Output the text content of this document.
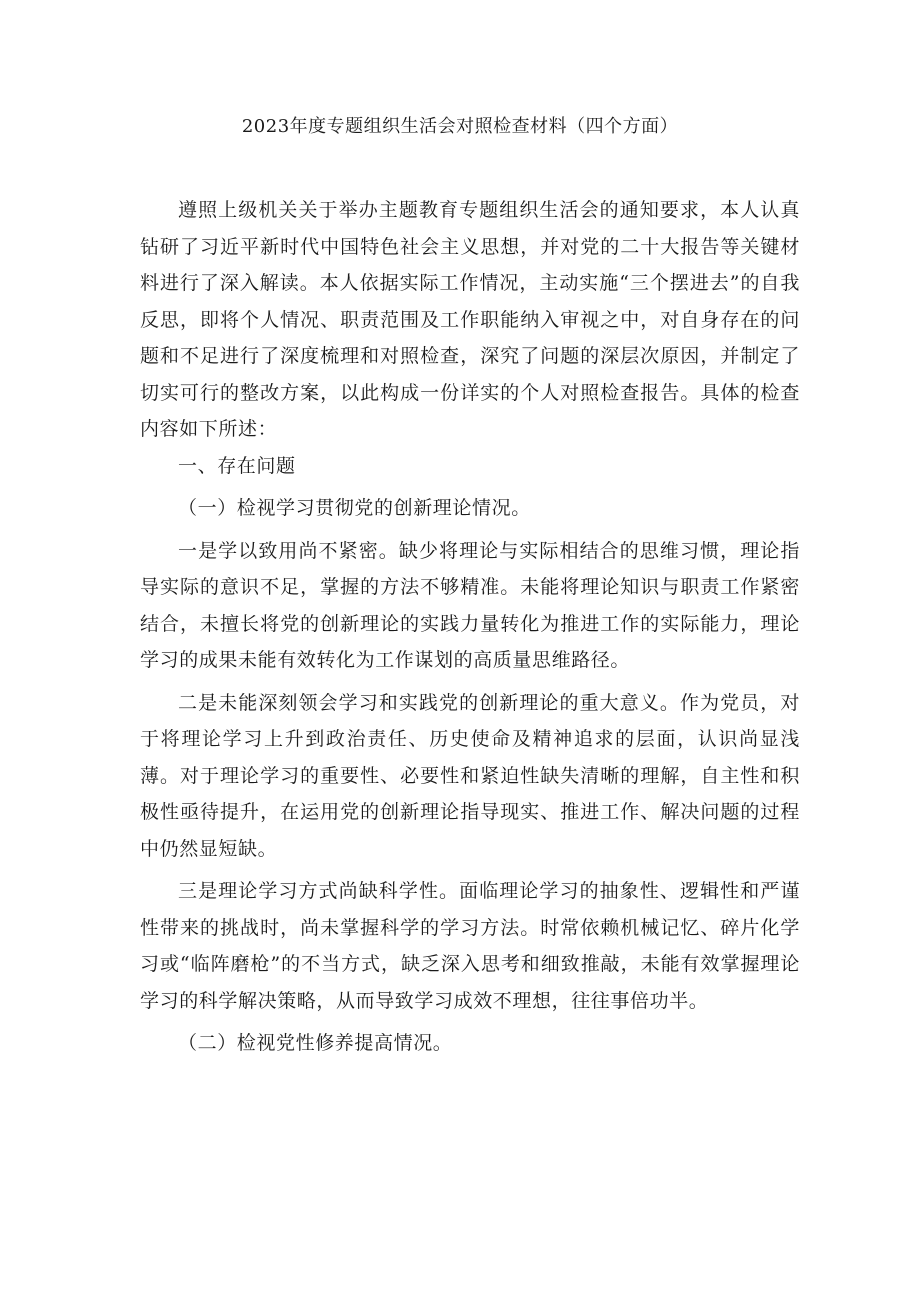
2023年度专题组织生活会对照检查材料（四个方面）

遵照上级机关关于举办主题教育专题组织生活会的通知要求，本人认真钻研了习近平新时代中国特色社会主义思想，并对党的二十大报告等关键材料进行了深入解读。本人依据实际工作情况，主动实施“三个摆进去”的自我反思，即将个人情况、职责范围及工作职能纳入审视之中，对自身存在的问题和不足进行了深度梳理和对照检查，深究了问题的深层次原因，并制定了切实可行的整改方案，以此构成一份详实的个人对照检查报告。具体的检查内容如下所述：

一、存在问题

（一）检视学习贯彻党的创新理论情况。

一是学以致用尚不紧密。缺少将理论与实际相结合的思维习惯，理论指导实际的意识不足，掌握的方法不够精准。未能将理论知识与职责工作紧密结合，未擅长将党的创新理论的实践力量转化为推进工作的实际能力，理论学习的成果未能有效转化为工作谋划的高质量思维路径。

二是未能深刻领会学习和实践党的创新理论的重大意义。作为党员，对于将理论学习上升到政治责任、历史使命及精神追求的层面，认识尚显浅薄。对于理论学习的重要性、必要性和紧迫性缺失清晰的理解，自主性和积极性亟待提升，在运用党的创新理论指导现实、推进工作、解决问题的过程中仍然显短缺。

三是理论学习方式尚缺科学性。面临理论学习的抽象性、逻辑性和严谨性带来的挑战时，尚未掌握科学的学习方法。时常依赖机械记忆、碎片化学习或“临阵磨枪”的不当方式，缺乏深入思考和细致推敲，未能有效掌握理论学习的科学解决策略，从而导致学习成效不理想，往往事倍功半。

（二）检视党性修养提高情况。
